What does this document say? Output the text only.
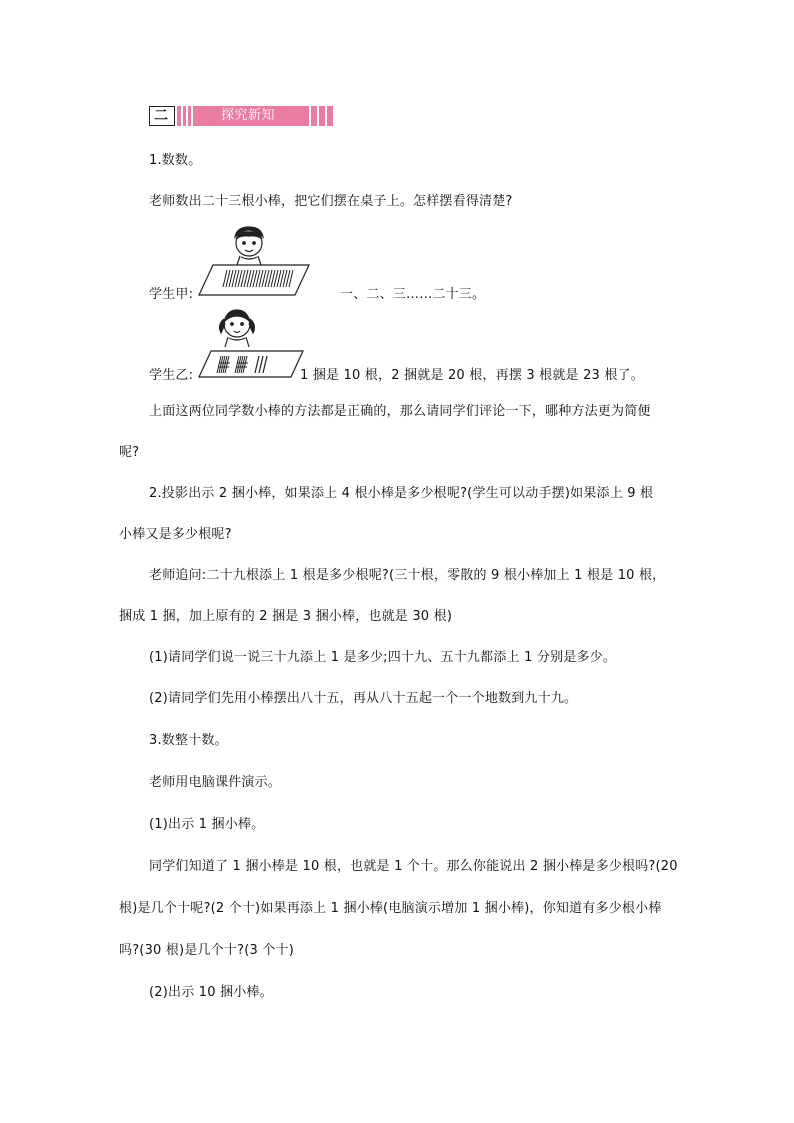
二	探究新知
1.数数。
老师数出二十三根小棒，把它们摆在桌子上。怎样摆看得清楚?
学生甲:	一、二、三……二十三。
学生乙:	1 捆是 10 根，2 捆就是 20 根，再摆 3 根就是 23 根了。
上面这两位同学数小棒的方法都是正确的，那么请同学们评论一下，哪种方法更为简便
呢?
2.投影出示 2 捆小棒，如果添上 4 根小棒是多少根呢?(学生可以动手摆)如果添上 9 根
小棒又是多少根呢?
老师追问:二十九根添上 1 根是多少根呢?(三十根，零散的 9 根小棒加上 1 根是 10 根，
捆成 1 捆，加上原有的 2 捆是 3 捆小棒，也就是 30 根)
(1)请同学们说一说三十九添上 1 是多少;四十九、五十九都添上 1 分别是多少。
(2)请同学们先用小棒摆出八十五，再从八十五起一个一个地数到九十九。
3.数整十数。
老师用电脑课件演示。
(1)出示 1 捆小棒。
同学们知道了 1 捆小棒是 10 根，也就是 1 个十。那么你能说出 2 捆小棒是多少根吗?(20
根)是几个十呢?(2 个十)如果再添上 1 捆小棒(电脑演示增加 1 捆小棒)，你知道有多少根小棒
吗?(30 根)是几个十?(3 个十)
(2)出示 10 捆小棒。
